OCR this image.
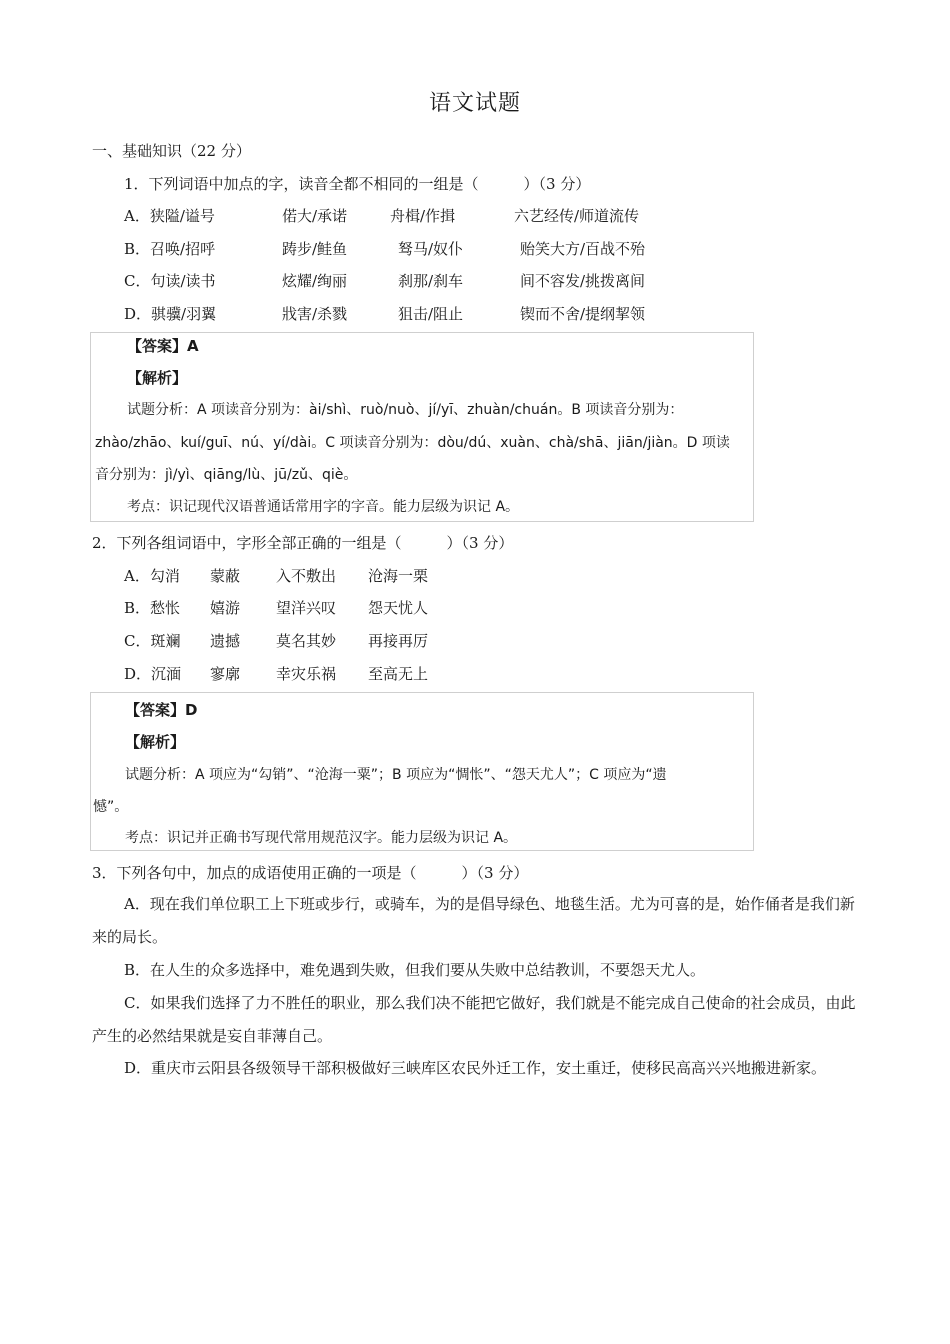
语文试题
一、基础知识（22 分）
1．下列词语中加点的字，读音全都不相同的一组是（　　　）（3 分）
A．狭隘/谥号	偌大/承诺	舟楫/作揖	六艺经传/师道流传
B．召唤/招呼	踌步/鲑鱼	驽马/奴仆	贻笑大方/百战不殆
C．句读/读书	炫耀/绚丽	刹那/刹车	间不容发/挑拨离间
D．骐骥/羽翼	戕害/杀戮	狙击/阻止	锲而不舍/提纲挈领
【答案】A
【解析】
试题分析：A 项读音分别为：ài/shì、ruò/nuò、jí/yī、zhuàn/chuán。B 项读音分别为：
zhào/zhāo、kuí/guī、nú、yí/dài。C 项读音分别为：dòu/dú、xuàn、chà/shā、jiān/jiàn。D 项读
音分别为：jì/yì、qiāng/lù、jū/zǔ、qiè。
考点：识记现代汉语普通话常用字的字音。能力层级为识记 A。
2．下列各组词语中，字形全部正确的一组是（　　　）（3 分）
A．勾消 蒙蔽 入不敷出 沧海一栗
B．愁怅 嬉游 望洋兴叹 怨天忧人
C．斑斓 遗撼 莫名其妙 再接再厉
D．沉湎 寥廓 幸灾乐祸 至高无上
【答案】D
【解析】
试题分析：A 项应为“勾销”、“沧海一粟”；B 项应为“惆怅”、“怨天尤人”；C 项应为“遗
憾”。
考点：识记并正确书写现代常用规范汉字。能力层级为识记 A。
3．下列各句中，加点的成语使用正确的一项是（　　　）（3 分）
A．现在我们单位职工上下班或步行，或骑车，为的是倡导绿色、地毯生活。尤为可喜的是，始作俑者是我们新来的局长。
B．在人生的众多选择中，难免遇到失败，但我们要从失败中总结教训，不要怨天尤人。
C．如果我们选择了力不胜任的职业，那么我们决不能把它做好，我们就是不能完成自己使命的社会成员，由此产生的必然结果就是妄自菲薄自己。
D．重庆市云阳县各级领导干部积极做好三峡库区农民外迁工作，安土重迁，使移民高高兴兴地搬进新家。
